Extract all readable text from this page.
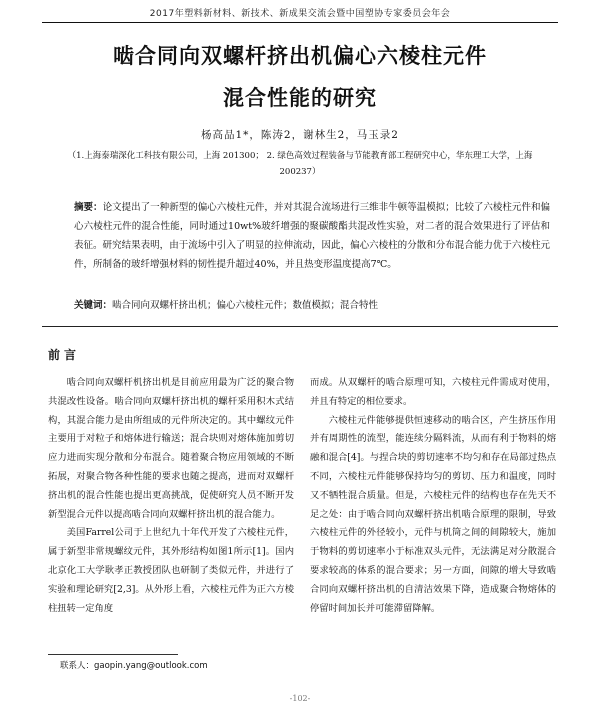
2017年塑料新材料、新技术、新成果交流会暨中国塑协专家委员会年会
啮合同向双螺杆挤出机偏心六棱柱元件
混合性能的研究
杨高品1*，陈涛2，谢林生2，马玉录2
（1.上海泰瑞深化工科技有限公司，上海 201300； 2. 绿色高效过程装备与节能教育部工程研究中心，华东理工大学，上海 200237）
摘要：论文提出了一种新型的偏心六棱柱元件，并对其混合流场进行三维非牛顿等温模拟；比较了六棱柱元件和偏心六棱柱元件的混合性能，同时通过10wt%玻纤增强的聚碳酸酯共混改性实验，对二者的混合效果进行了评估和表征。研究结果表明，由于流场中引入了明显的拉伸流动，因此，偏心六棱柱的分散和分布混合能力优于六棱柱元件，所制备的玻纤增强材料的韧性提升超过40%，并且热变形温度提高7℃。
关键词：啮合同向双螺杆挤出机；偏心六棱柱元件；数值模拟；混合特性
前言

啮合同向双螺杆机挤出机是目前应用最为广泛的聚合物共混改性设备。啮合同向双螺杆挤出机的螺杆采用积木式结构，其混合能力是由所组成的元件所决定的。其中螺纹元件主要用于对粒子和熔体进行输送；混合块则对熔体施加剪切应力进而实现分散和分布混合。随着聚合物应用领域的不断拓展，对聚合物各种性能的要求也随之提高，进而对双螺杆挤出机的混合性能也提出更高挑战，促使研究人员不断开发新型混合元件以提高啮合同向双螺杆挤出机的混合能力。

美国Farrel公司于上世纪九十年代开发了六棱柱元件，属于新型非常规螺纹元件，其外形结构如图1所示[1]。国内北京化工大学耿孝正教授团队也研制了类似元件，并进行了实验和理论研究[2,3]。从外形上看，六棱柱元件为正六方棱柱扭转一定角度

而成。从双螺杆的啮合原理可知，六棱柱元件需成对使用，并且有特定的相位要求。

六棱柱元件能够提供恒速移动的啮合区，产生挤压作用并有周期性的流型，能连续分隔料流，从而有利于物料的熔融和混合[4]。与捏合块的剪切速率不均匀和存在局部过热点不同，六棱柱元件能够保持均匀的剪切、压力和温度，同时又不牺牲混合质量。但是，六棱柱元件的结构也存在先天不足之处：由于啮合同向双螺杆挤出机啮合原理的限制，导致六棱柱元件的外径较小，元件与机筒之间的间隙较大，施加于物料的剪切速率小于标准双头元件，无法满足对分散混合要求较高的体系的混合要求；另一方面，间隙的增大导致啮合同向双螺杆挤出机的自清洁效果下降，造成聚合物熔体的停留时间加长并可能滞留降解。

联系人：gaopin.yang@outlook.com
-102-
